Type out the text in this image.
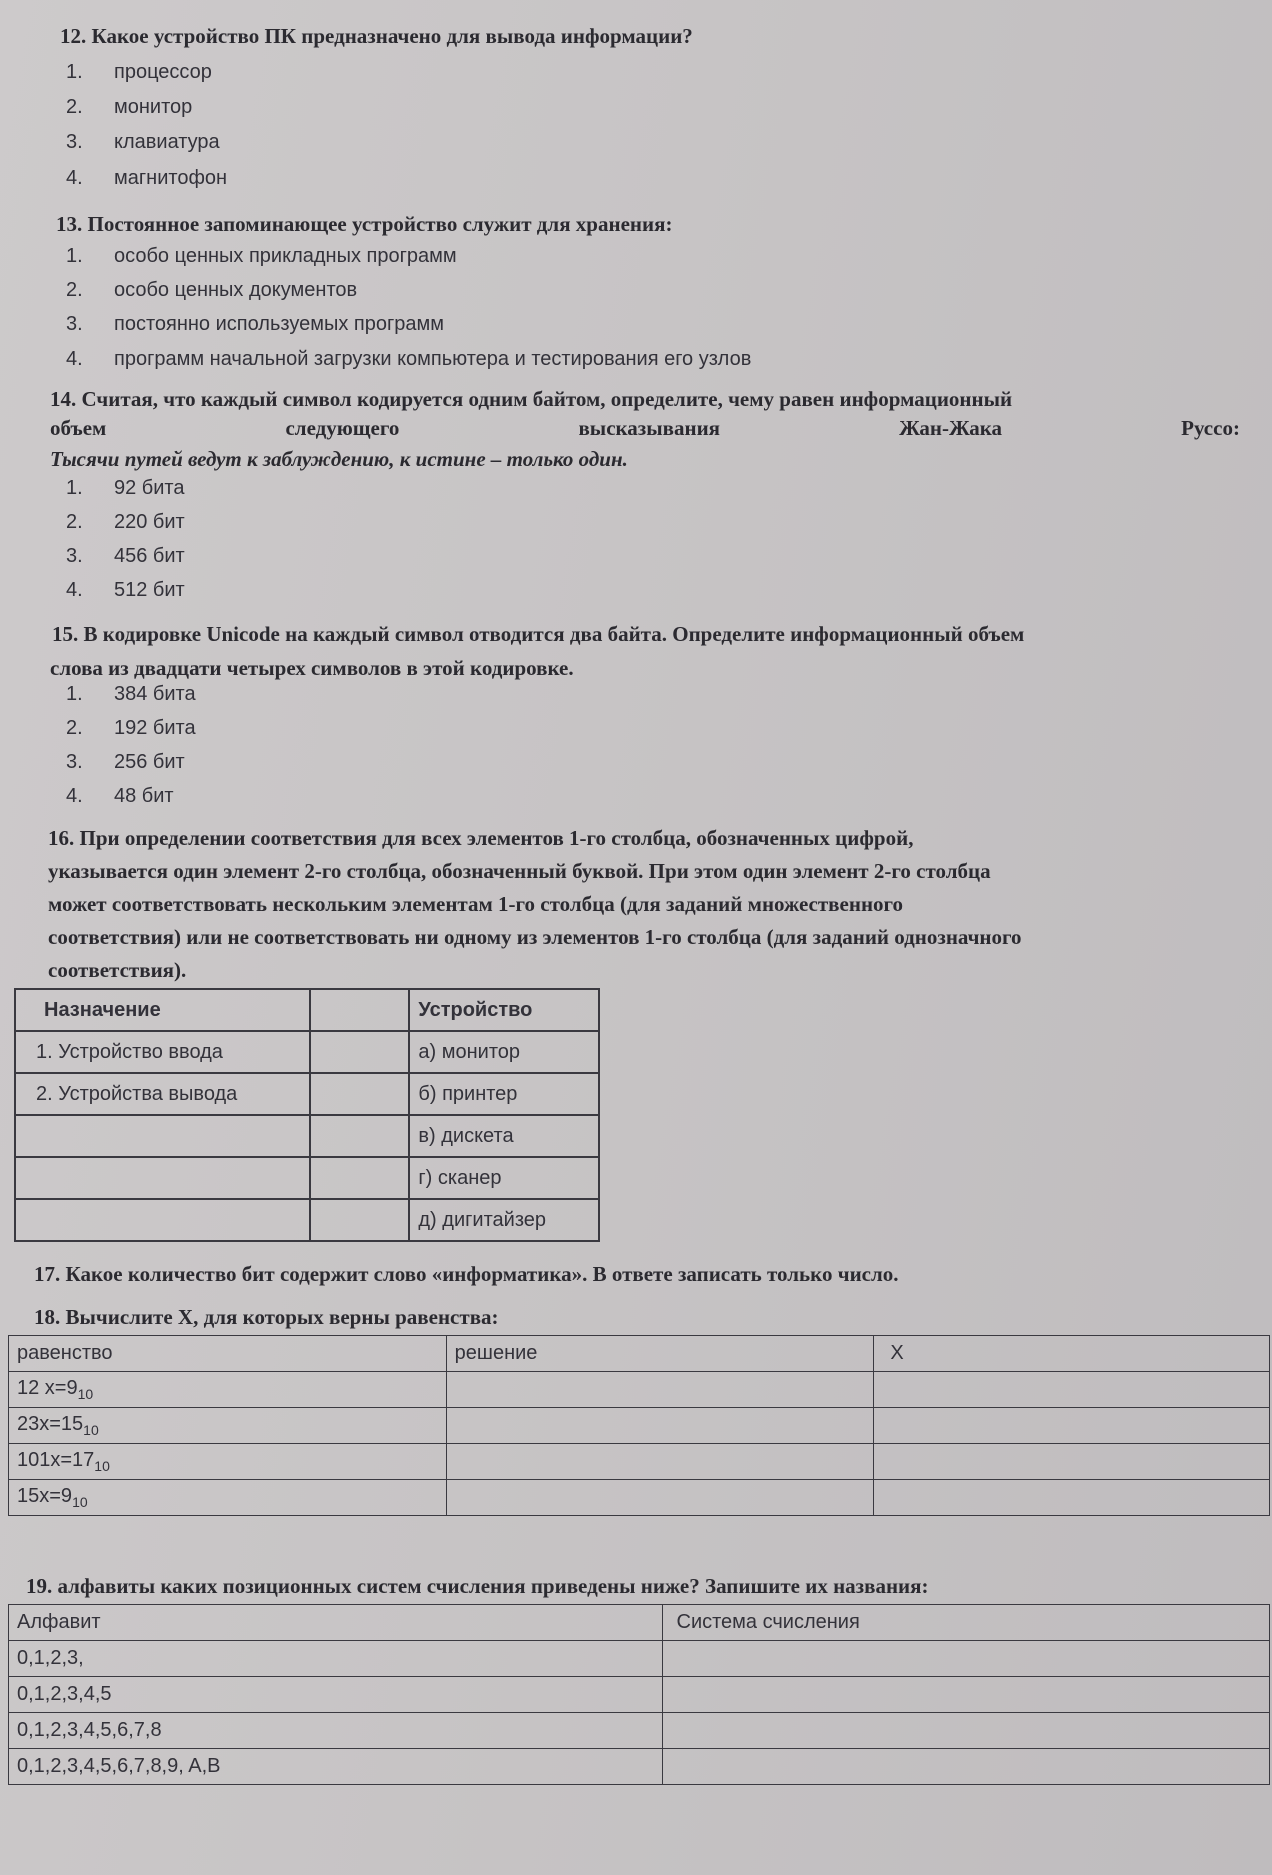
12. Какое устройство ПК предназначено для вывода информации?
1. процессор
2. монитор
3. клавиатура
4. магнитофон
13. Постоянное запоминающее устройство служит для хранения:
1. особо ценных прикладных программ
2. особо ценных документов
3. постоянно используемых программ
4. программ начальной загрузки компьютера и тестирования его узлов
14. Считая, что каждый символ кодируется одним байтом, определите, чему равен информационный
объем	следующего	высказывания	Жан-Жака	Руссо:
Тысячи путей ведут к заблуждению, к истине – только один.
1. 92 бита
2. 220 бит
3. 456 бит
4. 512 бит
15. В кодировке Unicode на каждый символ отводится два байта. Определите информационный объем
слова из двадцати четырех символов в этой кодировке.
1. 384 бита
2. 192 бита
3. 256 бит
4. 48 бит
16. При определении соответствия для всех элементов 1-го столбца, обозначенных цифрой,
указывается один элемент 2-го столбца, обозначенный буквой. При этом один элемент 2-го столбца
может соответствовать нескольким элементам 1-го столбца (для заданий множественного
соответствия) или не соответствовать ни одному из элементов 1-го столбца (для заданий однозначного
соответствия).
Назначение		Устройство
1. Устройство ввода		а) монитор
2. Устройства вывода		б) принтер
		в) дискета
		г) сканер
		д) дигитайзер
17. Какое количество бит содержит слово «информатика». В ответе записать только число.
18. Вычислите X, для которых верны равенства:
равенство	решение	X
12 $x=9_{10}$		
$23x=15_{10}$		
$101x=17_{10}$		
$15x=9_{10}$		
19. алфавиты каких позиционных систем счисления приведены ниже? Запишите их названия:
Алфавит	Система счисления
0,1,2,3,	
0,1,2,3,4,5	
0,1,2,3,4,5,6,7,8	
0,1,2,3,4,5,6,7,8,9, A,B	
